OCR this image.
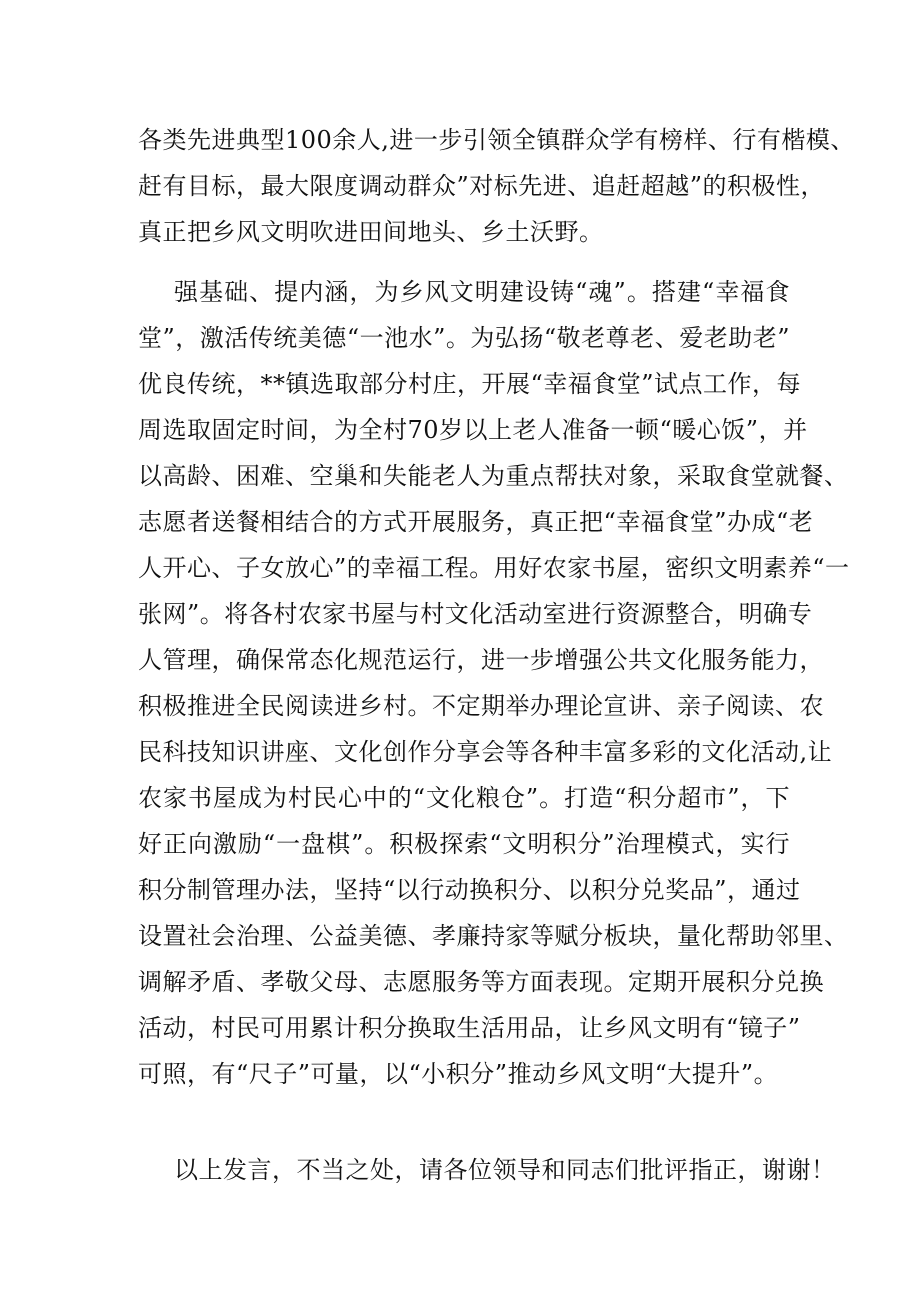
各类先进典型100余人,进一步引领全镇群众学有榜样、行有楷模、
赶有目标，最大限度调动群众”对标先进、追赶超越”的积极性，
真正把乡风文明吹进田间地头、乡土沃野。

强基础、提内涵，为乡风文明建设铸“魂”。搭建“幸福食
堂”，激活传统美德“一池水”。为弘扬“敬老尊老、爱老助老”
优良传统，**镇选取部分村庄，开展“幸福食堂”试点工作，每
周选取固定时间，为全村70岁以上老人准备一顿“暖心饭”，并
以高龄、困难、空巢和失能老人为重点帮扶对象，采取食堂就餐、
志愿者送餐相结合的方式开展服务，真正把“幸福食堂”办成“老
人开心、子女放心”的幸福工程。用好农家书屋，密织文明素养“一
张网”。将各村农家书屋与村文化活动室进行资源整合，明确专
人管理，确保常态化规范运行，进一步增强公共文化服务能力，
积极推进全民阅读进乡村。不定期举办理论宣讲、亲子阅读、农
民科技知识讲座、文化创作分享会等各种丰富多彩的文化活动,让
农家书屋成为村民心中的“文化粮仓”。打造“积分超市”，下
好正向激励“一盘棋”。积极探索“文明积分”治理模式，实行
积分制管理办法，坚持“以行动换积分、以积分兑奖品”，通过
设置社会治理、公益美德、孝廉持家等赋分板块，量化帮助邻里、
调解矛盾、孝敬父母、志愿服务等方面表现。定期开展积分兑换
活动，村民可用累计积分换取生活用品，让乡风文明有“镜子”
可照，有“尺子”可量，以“小积分”推动乡风文明“大提升”。

以上发言，不当之处，请各位领导和同志们批评指正，谢谢！
